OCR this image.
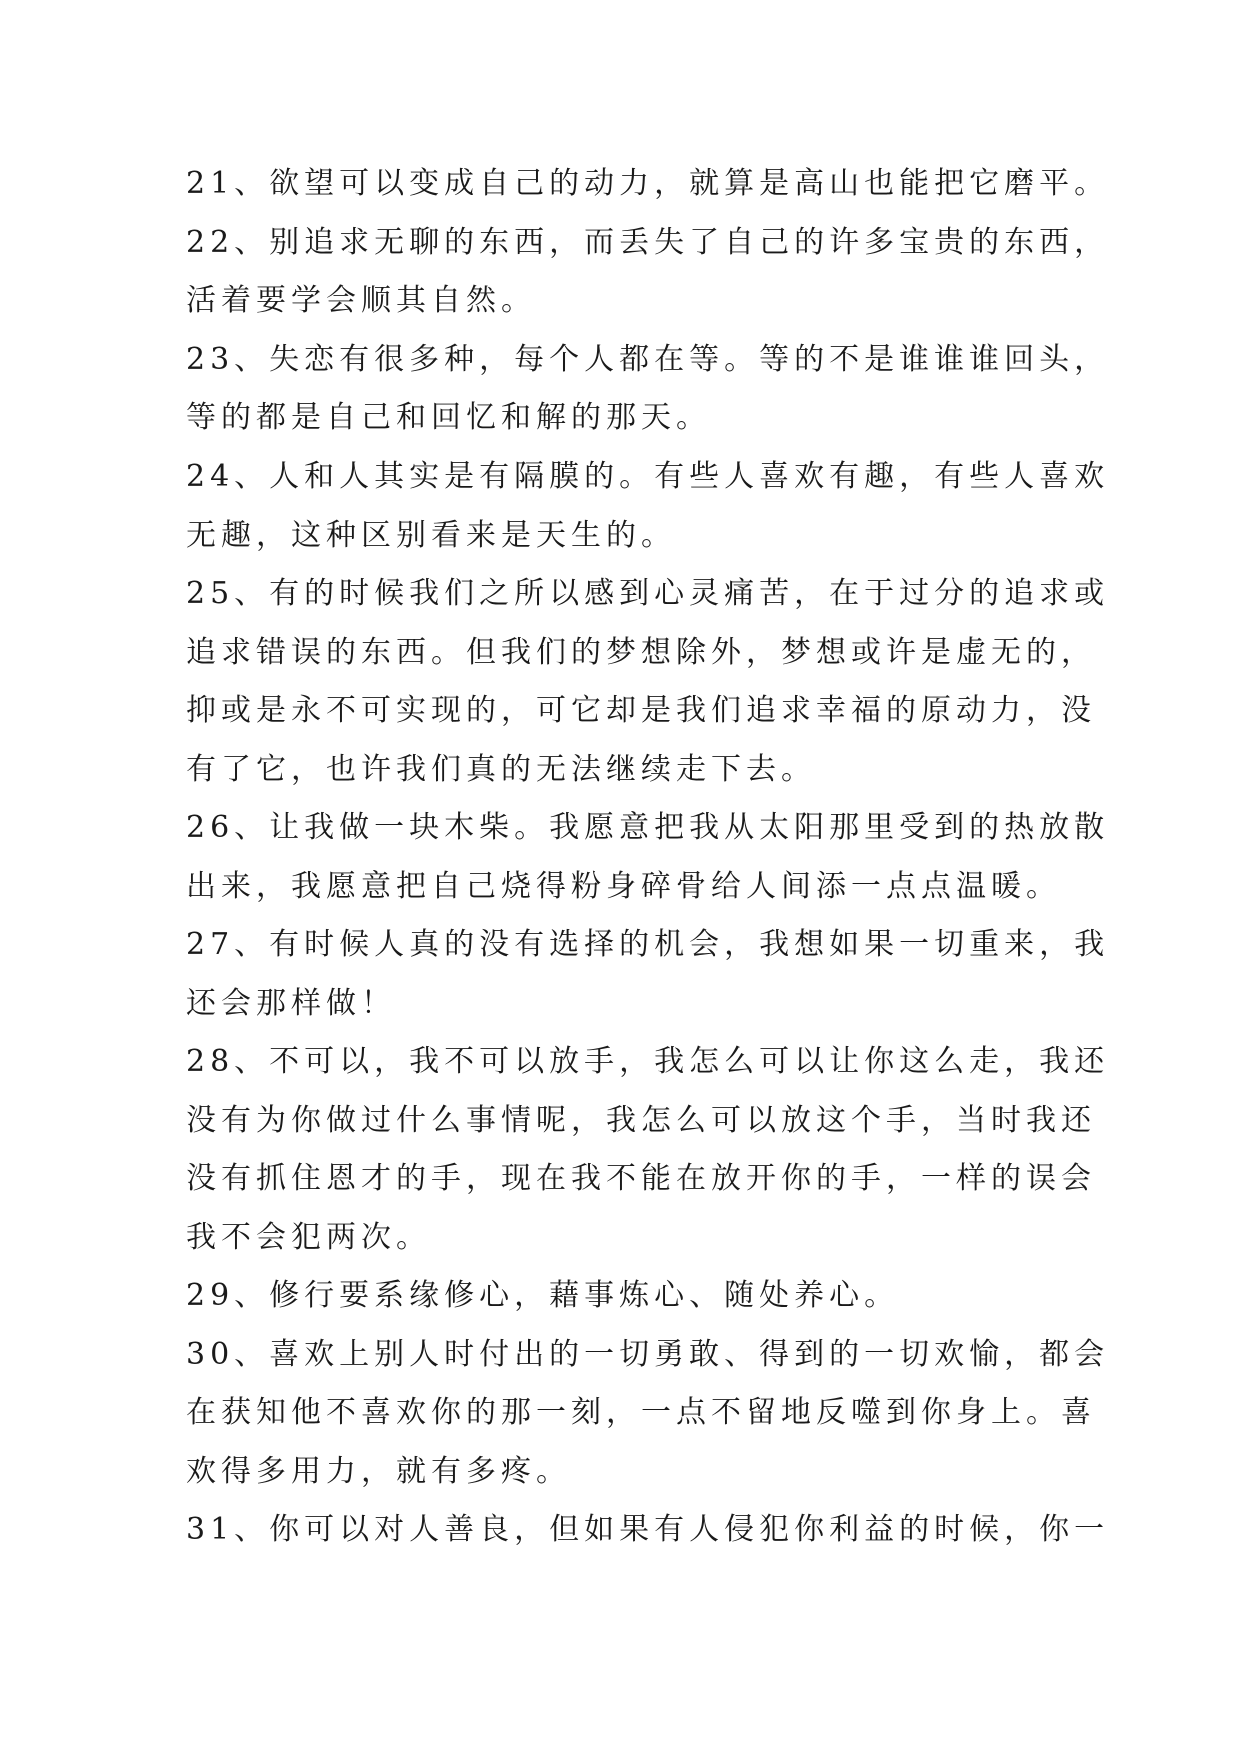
21、欲望可以变成自己的动力，就算是高山也能把它磨平。
22、别追求无聊的东西，而丢失了自己的许多宝贵的东西，
活着要学会顺其自然。
23、失恋有很多种，每个人都在等。等的不是谁谁谁回头，
等的都是自己和回忆和解的那天。
24、人和人其实是有隔膜的。有些人喜欢有趣，有些人喜欢
无趣，这种区别看来是天生的。
25、有的时候我们之所以感到心灵痛苦，在于过分的追求或
追求错误的东西。但我们的梦想除外，梦想或许是虚无的，
抑或是永不可实现的，可它却是我们追求幸福的原动力，没
有了它，也许我们真的无法继续走下去。
26、让我做一块木柴。我愿意把我从太阳那里受到的热放散
出来，我愿意把自己烧得粉身碎骨给人间添一点点温暖。
27、有时候人真的没有选择的机会，我想如果一切重来，我
还会那样做！
28、不可以，我不可以放手，我怎么可以让你这么走，我还
没有为你做过什么事情呢，我怎么可以放这个手，当时我还
没有抓住恩才的手，现在我不能在放开你的手，一样的误会
我不会犯两次。
29、修行要系缘修心，藉事炼心、随处养心。
30、喜欢上别人时付出的一切勇敢、得到的一切欢愉，都会
在获知他不喜欢你的那一刻，一点不留地反噬到你身上。喜
欢得多用力，就有多疼。
31、你可以对人善良，但如果有人侵犯你利益的时候，你一
